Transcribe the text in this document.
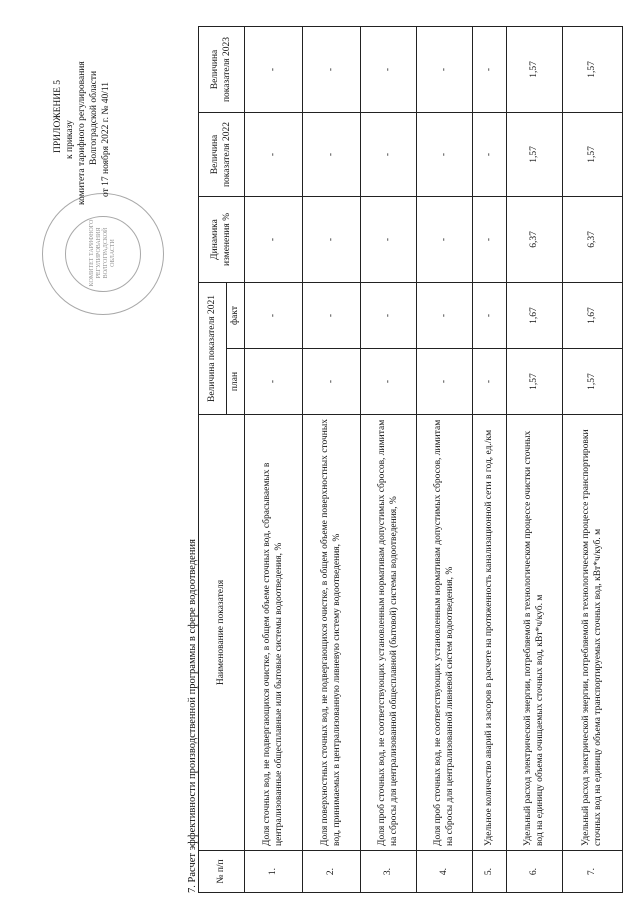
КОМИТЕТ ТАРИФНОГО РЕГУЛИРОВАНИЯ ВОЛГОГРАДСКОЙ ОБЛАСТИ
ПРИЛОЖЕНИЕ 5 к приказу комитета тарифного регулирования Волгоградской области от 17 ноября 2022 г. № 40/11
7. Расчет эффективности производственной программы в сфере водоотведения № п/п	Наименование показателя	Величина показателя 2021		Динамика изменения %	Величина показателя 2022	Величина показателя 2023
		план	факт			
1.	Доля сточных вод, не подвергающихся очистке, в общем объеме сточных вод, сбрасываемых в централизованные общесплавные или бытовые системы водоотведения, %	-	-	-	-	-
2.	Доля поверхностных сточных вод, не подвергающихся очистке, в общем объеме поверхностных сточных вод, принимаемых в централизованную ливневую систему водоотведения, %	-	-	-	-	-
3.	Доля проб сточных вод, не соответствующих установленным нормативам допустимых сбросов, лимитам на сбросы для централизованной общесплавной (бытовой) системы водоотведения, %	-	-	-	-	-
4.	Доля проб сточных вод, не соответствующих установленным нормативам допустимых сбросов, лимитам на сбросы для централизованной ливневой систем водоотведения, %	-	-	-	-	-
5.	Удельное количество аварий и засоров в расчете на протяженность канализационной сети в год, ед./км	-	-	-	-	-
6.	Удельный расход электрической энергии, потребляемой в технологическом процессе очистки сточных вод на единицу объема очищаемых сточных вод, кВт*ч/куб. м	1,57	1,67	6,37	1,57	1,57
7.	Удельный расход электрической энергии, потребляемой в технологическом процессе транспортировки сточных вод на единицу объема транспортируемых сточных вод, кВт*ч/куб. м	1,57	1,67	6,37	1,57	1,57
